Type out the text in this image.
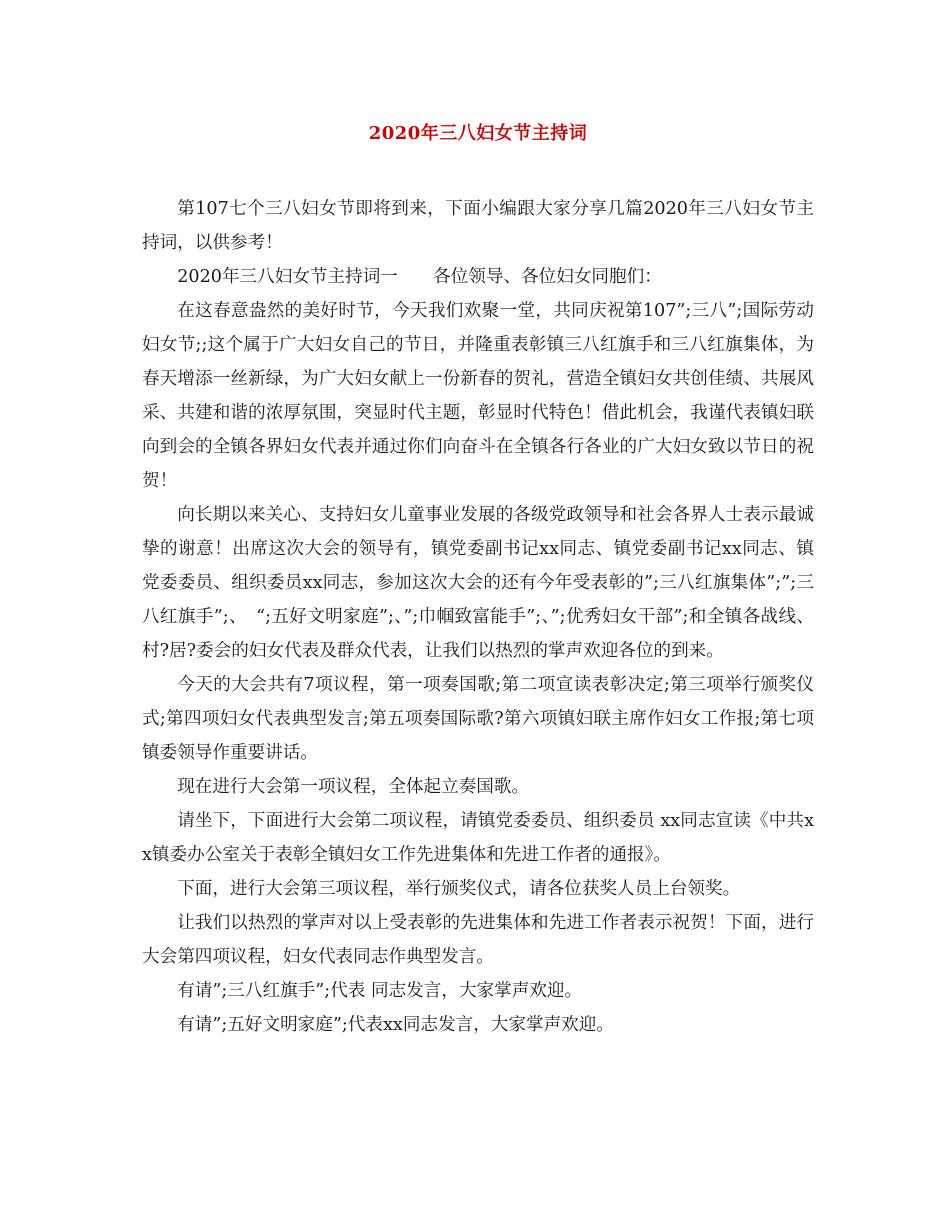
2020年三八妇女节主持词

第107七个三八妇女节即将到来，下面小编跟大家分享几篇2020年三八妇女节主持词，以供参考！

2020年三八妇女节主持词一　　各位领导、各位妇女同胞们：

在这春意盎然的美好时节，今天我们欢聚一堂，共同庆祝第107”;三八”;国际劳动妇女节;;这个属于广大妇女自己的节日，并隆重表彰镇三八红旗手和三八红旗集体，为春天增添一丝新绿，为广大妇女献上一份新春的贺礼，营造全镇妇女共创佳绩、共展风采、共建和谐的浓厚氛围，突显时代主题，彰显时代特色！借此机会，我谨代表镇妇联向到会的全镇各界妇女代表并通过你们向奋斗在全镇各行各业的广大妇女致以节日的祝贺！

向长期以来关心、支持妇女儿童事业发展的各级党政领导和社会各界人士表示最诚挚的谢意！出席这次大会的领导有，镇党委副书记xx同志、镇党委副书记xx同志、镇党委委员、组织委员xx同志，参加这次大会的还有今年受表彰的”;三八红旗集体”;”;三八红旗手”;、　“;五好文明家庭”;、”;巾帼致富能手”;、”;优秀妇女干部”;和全镇各战线、村?居?委会的妇女代表及群众代表，让我们以热烈的掌声欢迎各位的到来。

今天的大会共有7项议程，第一项奏国歌;第二项宣读表彰决定;第三项举行颁奖仪式;第四项妇女代表典型发言;第五项奏国际歌?第六项镇妇联主席作妇女工作报;第七项镇委领导作重要讲话。

现在进行大会第一项议程，全体起立奏国歌。

请坐下，下面进行大会第二项议程，请镇党委委员、组织委员 xx同志宣读《中共xx镇委办公室关于表彰全镇妇女工作先进集体和先进工作者的通报》。

下面，进行大会第三项议程，举行颁奖仪式，请各位获奖人员上台领奖。

让我们以热烈的掌声对以上受表彰的先进集体和先进工作者表示祝贺！下面，进行大会第四项议程，妇女代表同志作典型发言。

有请”;三八红旗手”;代表 同志发言，大家掌声欢迎。

有请”;五好文明家庭”;代表xx同志发言，大家掌声欢迎。
